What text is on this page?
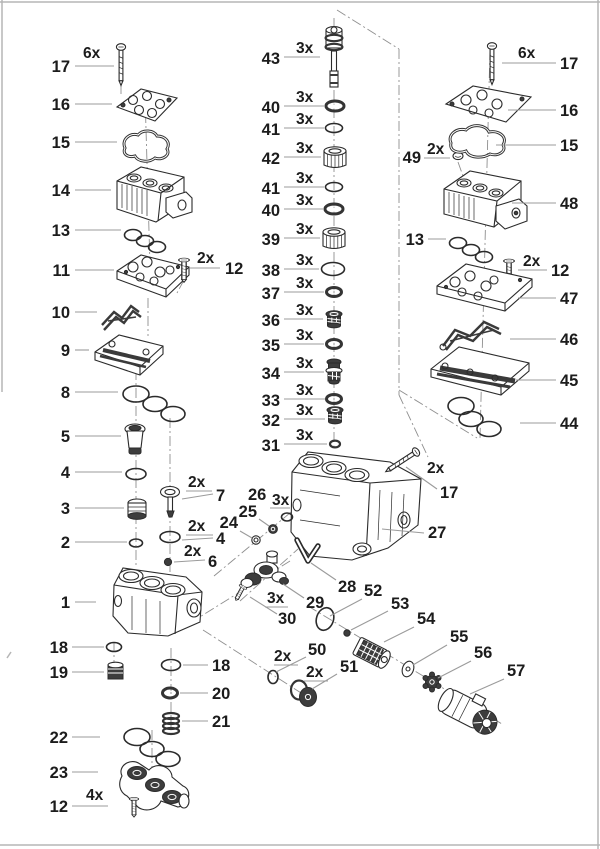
17
6x
16
15
14
13
11
2x
12
10
9
8
5
4
3
2
2x
7
2x
4
2x
6
1
18
19	18
20
21
22
23
12
4x
43
3x
40
3x
41
3x
42
3x
41
3x
40
3x
39
3x
38
3x
37
3x
36
3x
35
3x
34
3x
33
3x
32
3x
31
3x
27
2x
17
24
25
26 3x
28
29
3x
30
49 2x
17
6x
16
15
48
13
2x
12
47
46
45
44
52
53
54
55
56
57
2x 50
2x 51
